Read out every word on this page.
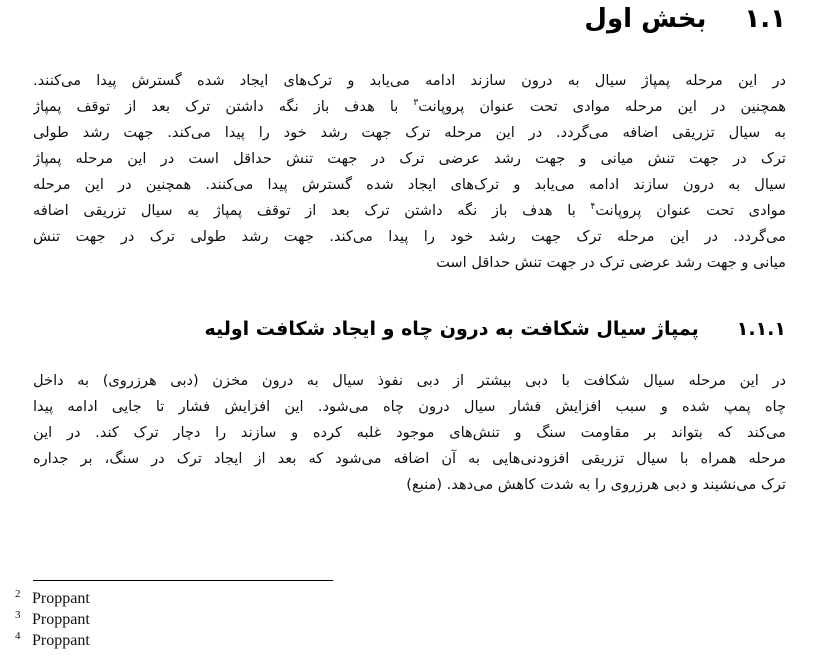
۱.۱
بخش اول
در این مرحله پمپاژ سیال به درون سازند ادامه می‌یابد و ترک‌های ایجاد شده گسترش پیدا می‌کنند.
همچنین در این مرحله موادی تحت عنوان پروپانت$^۳$ با هدف باز نگه داشتن ترک بعد از توقف پمپاژ
به سیال تزریقی اضافه می‌گردد. در این مرحله ترک جهت رشد خود را پیدا می‌کند. جهت رشد طولی
ترک در جهت تنش میانی و جهت رشد عرضی ترک در جهت تنش حداقل است در این مرحله پمپاژ
سیال به درون سازند ادامه می‌یابد و ترک‌های ایجاد شده گسترش پیدا می‌کنند. همچنین در این مرحله
موادی تحت عنوان پروپانت$^۴$ با هدف باز نگه داشتن ترک بعد از توقف پمپاژ به سیال تزریقی اضافه
می‌گردد. در این مرحله ترک جهت رشد خود را پیدا می‌کند. جهت رشد طولی ترک در جهت تنش
میانی و جهت رشد عرضی ترک در جهت تنش حداقل است
۱.۱.۱
پمپاژ سیال شکافت به درون چاه و ایجاد شکافت اولیه
در این مرحله سیال شکافت با دبی بیشتر از دبی نفوذ سیال به درون مخزن (دبی هرزروی) به داخل
چاه پمپ شده و سبب افزایش فشار سیال درون چاه می‌شود. این افزایش فشار تا جایی ادامه پیدا
می‌کند که بتواند بر مقاومت سنگ و تنش‌های موجود غلبه کرده و سازند را دچار ترک کند. در این
مرحله همراه با سیال تزریقی افزودنی‌هایی به آن اضافه می‌شود که بعد از ایجاد ترک در سنگ، بر جداره
ترک می‌نشیند و دبی هرزروی را به شدت کاهش می‌دهد. (منبع)
2 Proppant
3 Proppant
4 Proppant
